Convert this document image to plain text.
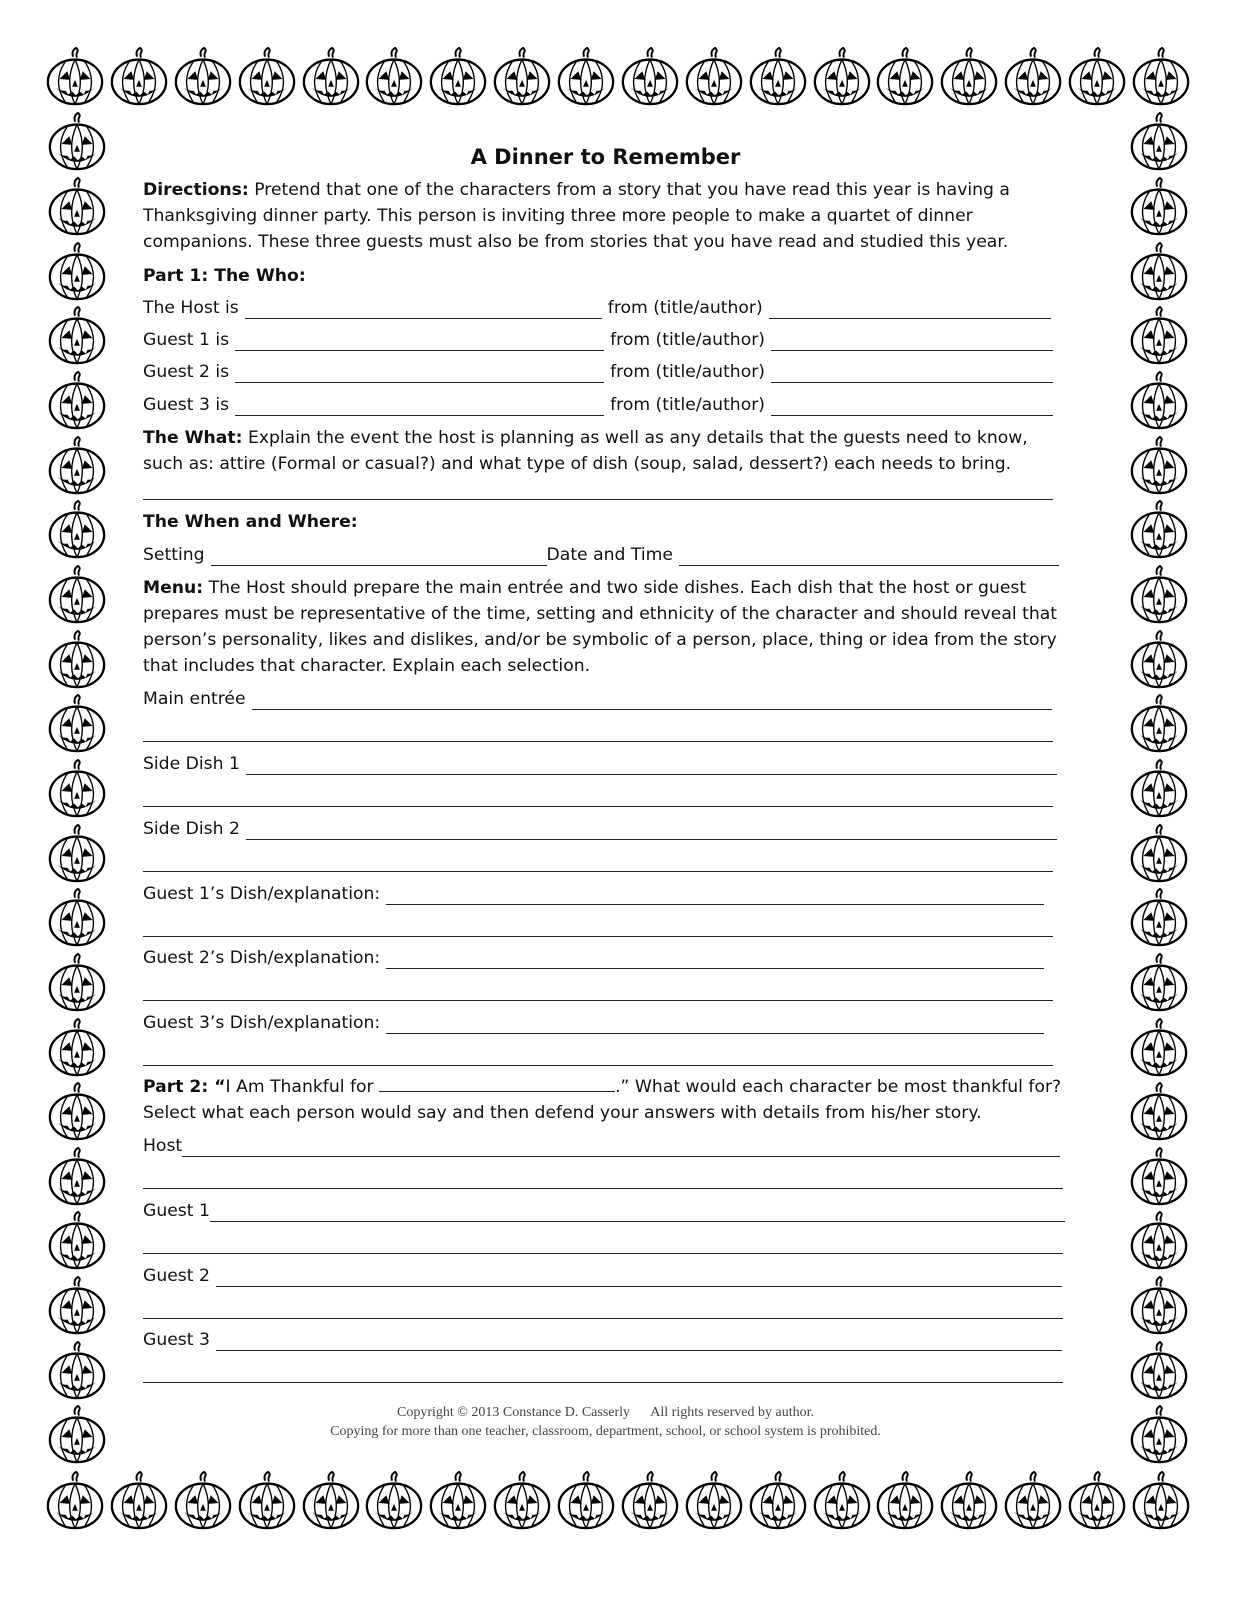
A Dinner to Remember
Directions: Pretend that one of the characters from a story that you have read this year is having a Thanksgiving dinner party. This person is inviting three more people to make a quartet of dinner companions. These three guests must also be from stories that you have read and studied this year.
Part 1: The Who:
The Host is	from (title/author)
Guest 1 is	from (title/author)
Guest 2 is	from (title/author)
Guest 3 is	from (title/author)
The What: Explain the event the host is planning as well as any details that the guests need to know, such as: attire (Formal or casual?) and what type of dish (soup, salad, dessert?) each needs to bring.
The When and Where:
Setting	Date and Time
Menu: The Host should prepare the main entrée and two side dishes. Each dish that the host or guest prepares must be representative of the time, setting and ethnicity of the character and should reveal that person’s personality, likes and dislikes, and/or be symbolic of a person, place, thing or idea from the story that includes that character. Explain each selection.
Main entrée
Side Dish 1
Side Dish 2
Guest 1’s Dish/explanation:
Guest 2’s Dish/explanation:
Guest 3’s Dish/explanation:
Part 2: “I Am Thankful for	.” What would each character be most thankful for? Select what each person would say and then defend your answers with details from his/her story.
Host
Guest 1
Guest 2
Guest 3
Copyright © 2013 Constance D. Casserly      All rights reserved by author.
Copying for more than one teacher, classroom, department, school, or school system is prohibited.
